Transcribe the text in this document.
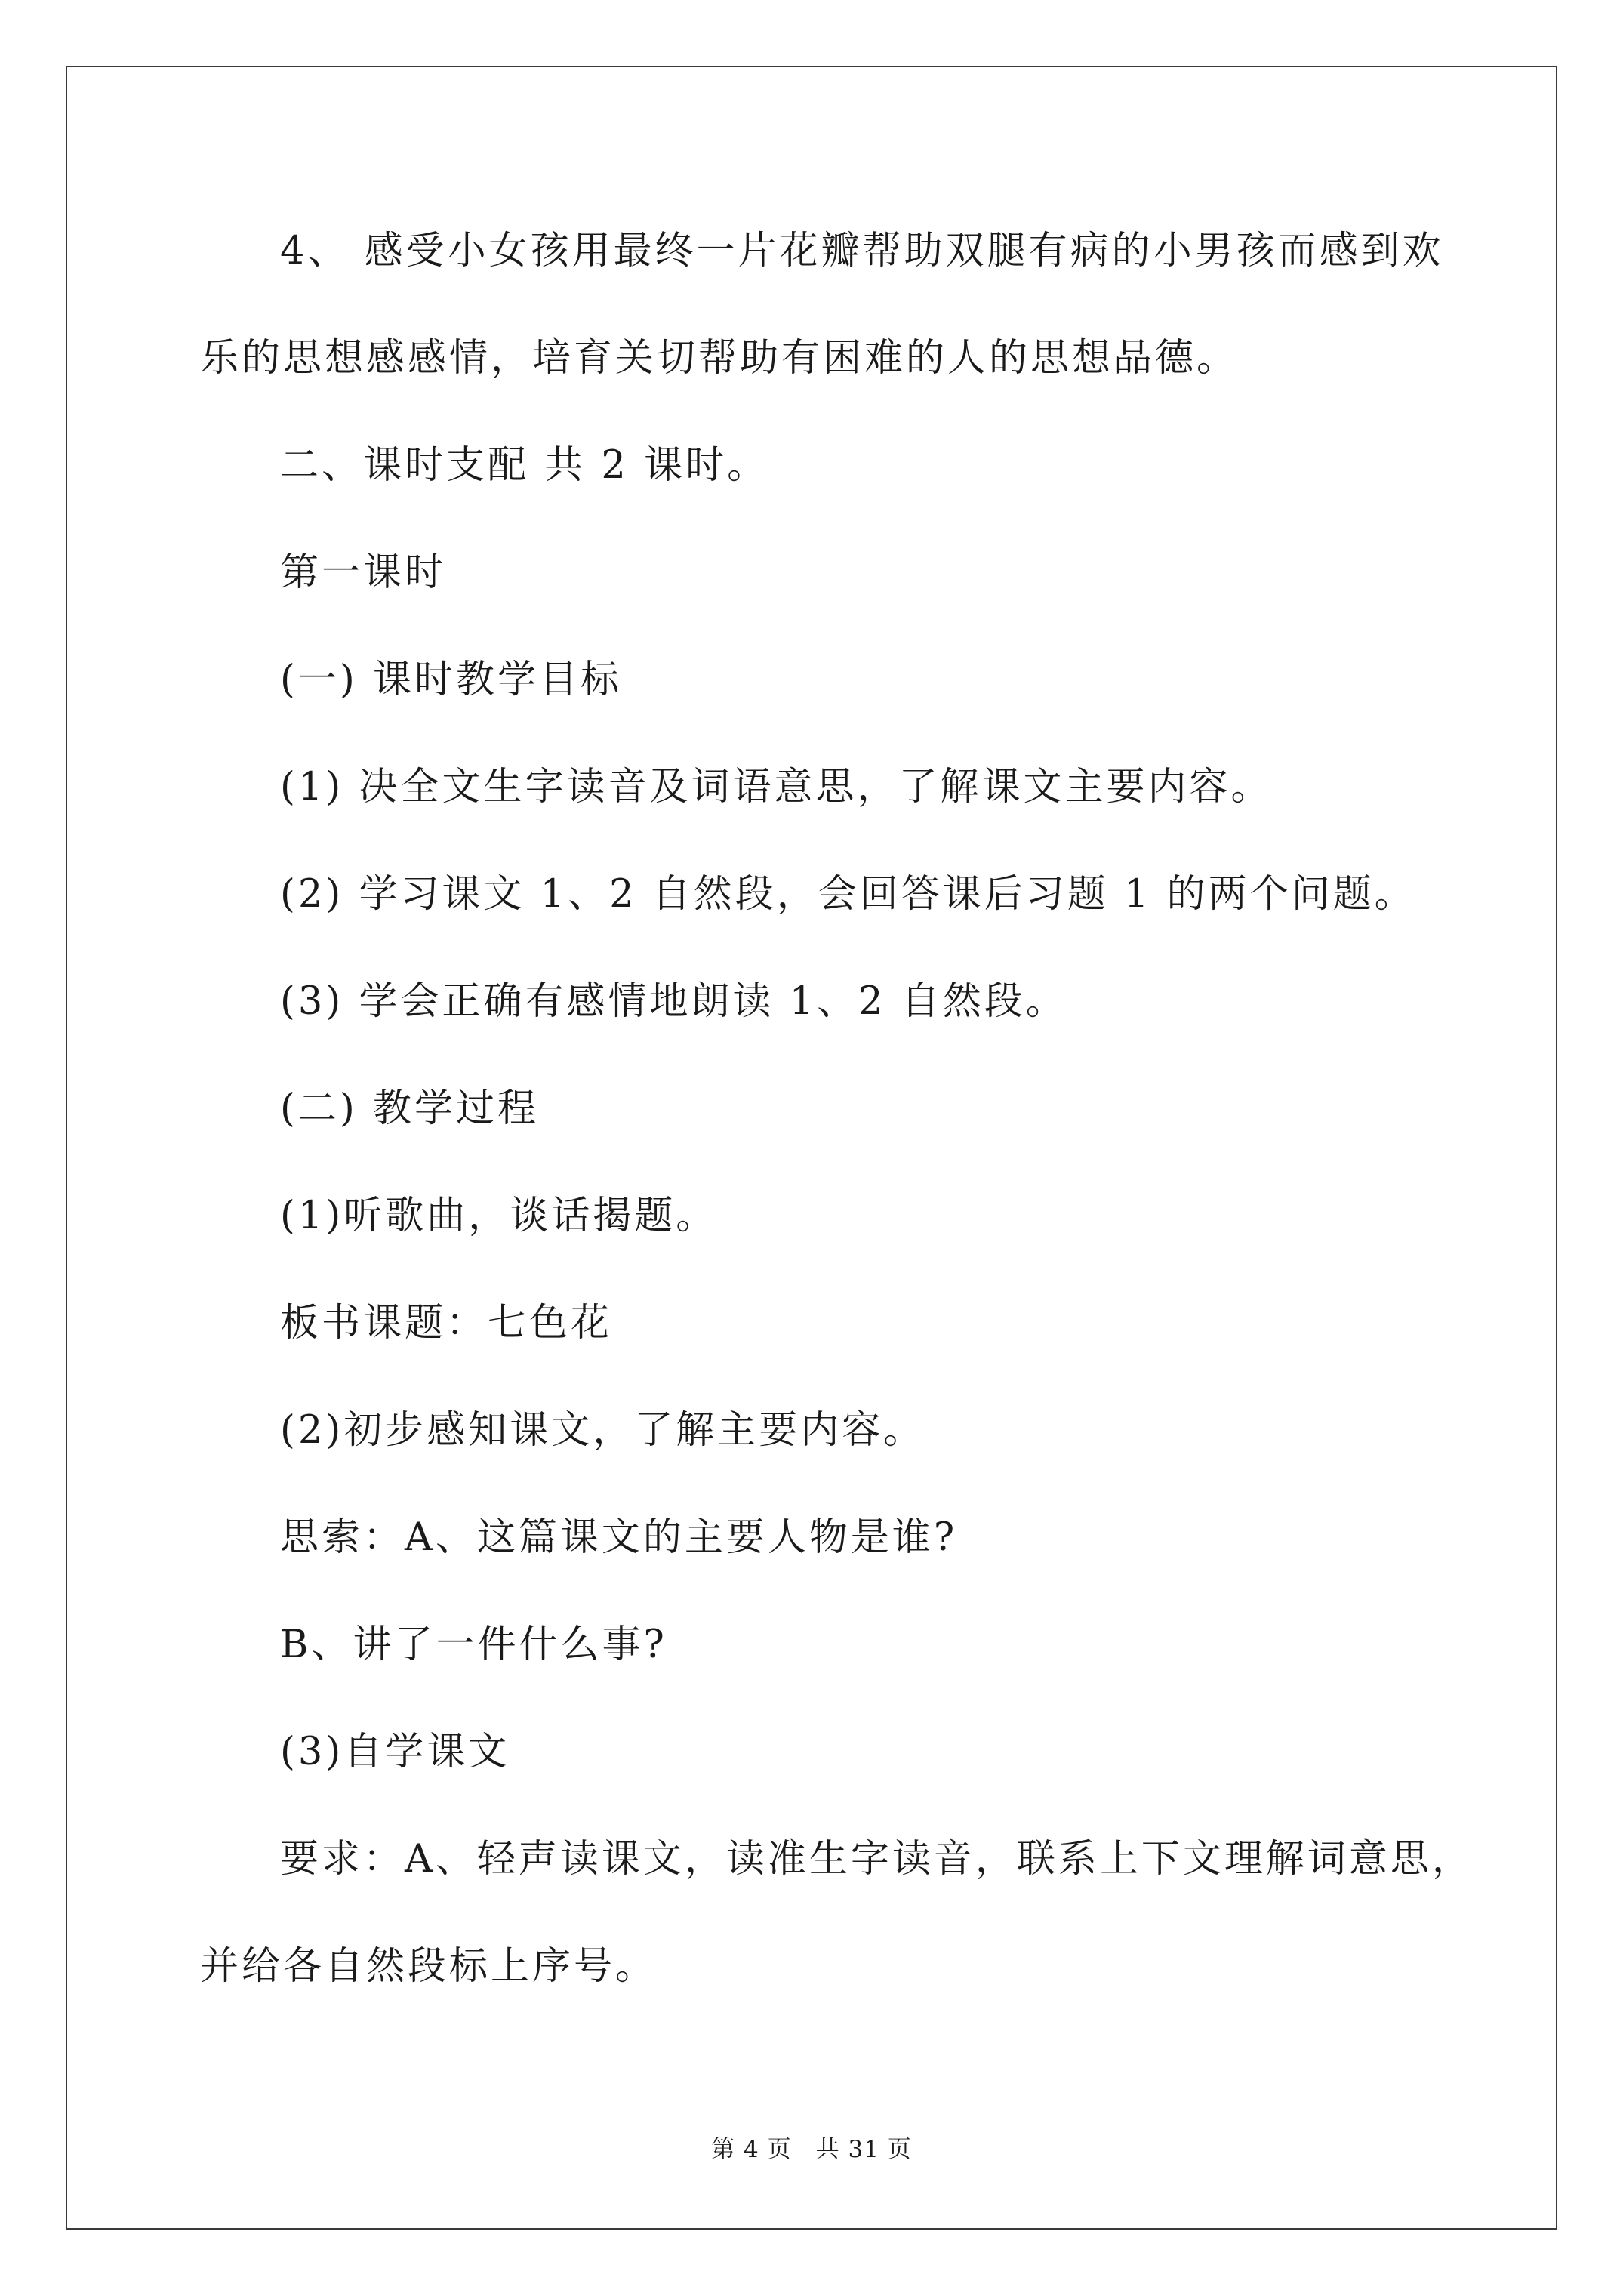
4、 感受小女孩用最终一片花瓣帮助双腿有病的小男孩而感到欢
乐的思想感感情，培育关切帮助有困难的人的思想品德。
二、课时支配 共 2 课时。
第一课时
(一) 课时教学目标
(1) 决全文生字读音及词语意思，了解课文主要内容。
(2) 学习课文 1、2 自然段，会回答课后习题 1 的两个问题。
(3) 学会正确有感情地朗读 1、2 自然段。
(二) 教学过程
(1)听歌曲，谈话揭题。
板书课题：七色花
(2)初步感知课文，了解主要内容。
思索：A、这篇课文的主要人物是谁?
B、讲了一件什么事?
(3)自学课文
要求：A、轻声读课文，读准生字读音，联系上下文理解词意思，
并给各自然段标上序号。
第 4 页　共 31 页
